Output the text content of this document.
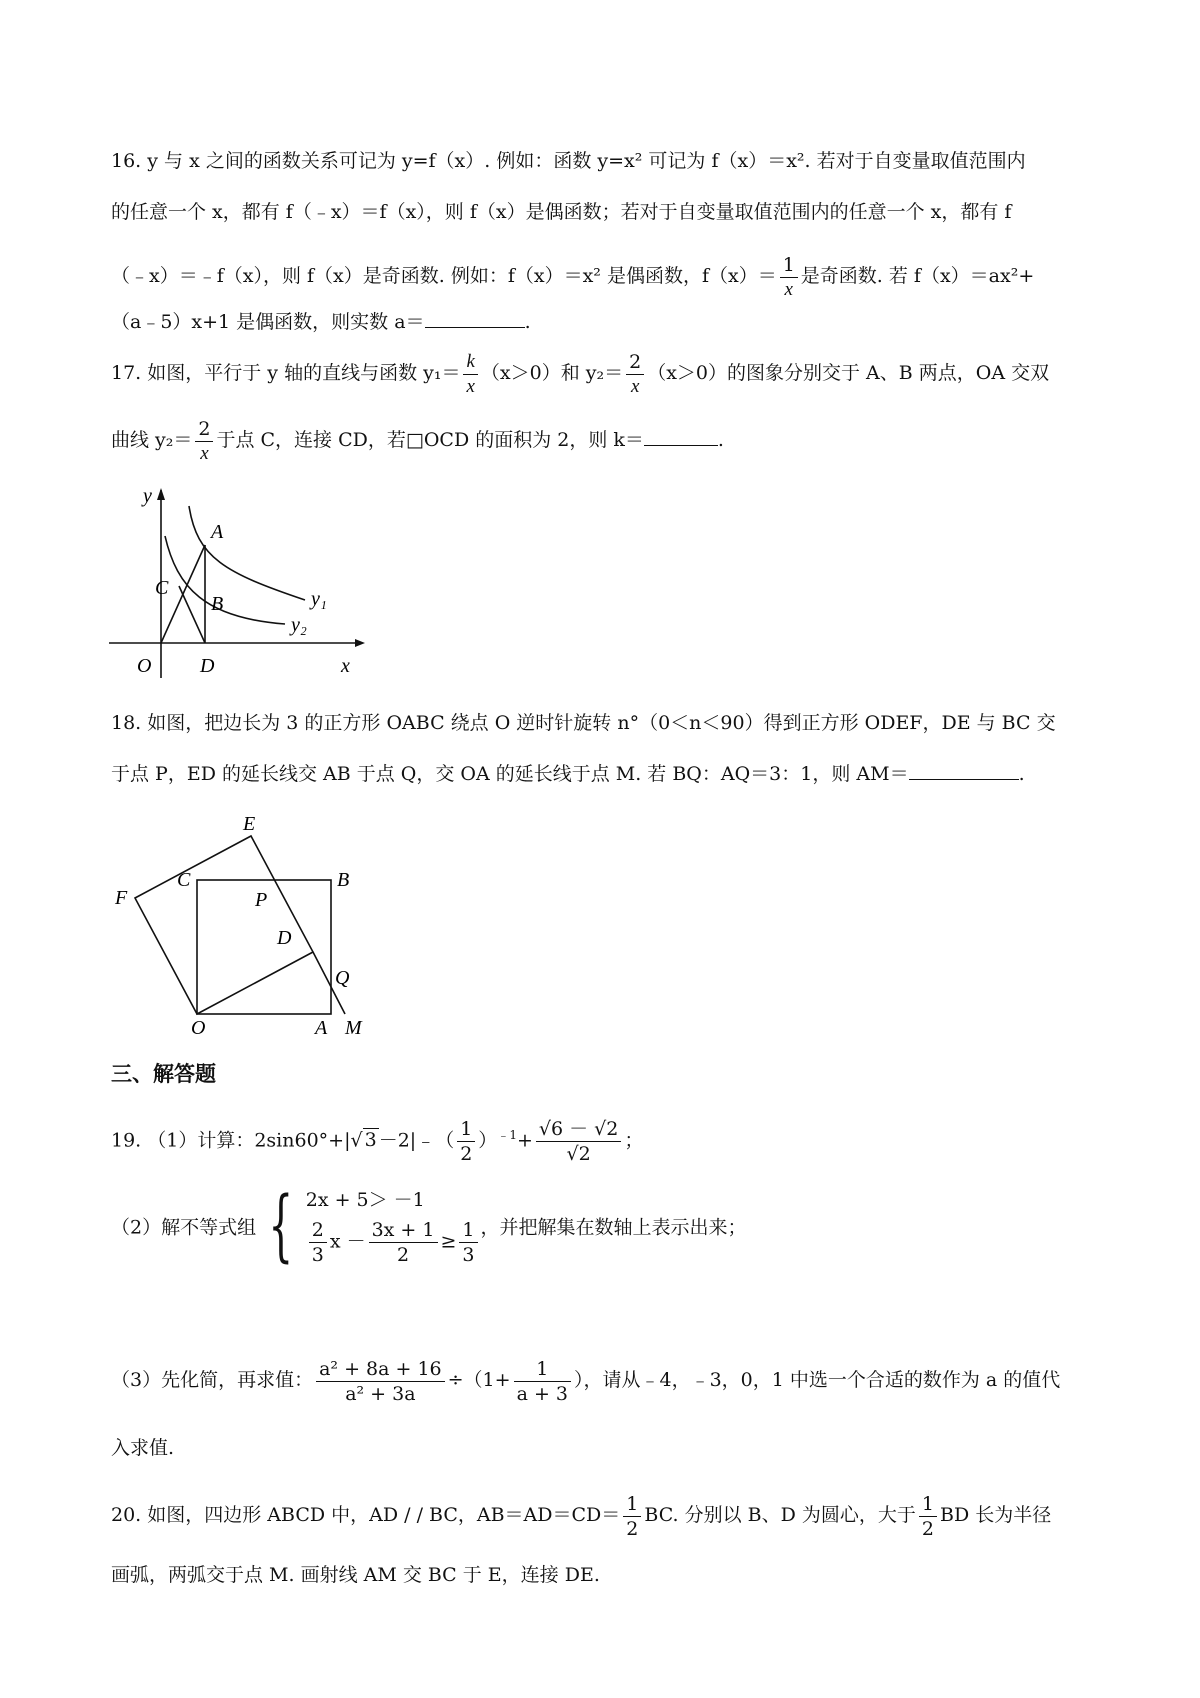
16. y 与 x 之间的函数关系可记为 y=f（x）. 例如：函数 y=x² 可记为 f（x）＝x². 若对于自变量取值范围内
的任意一个 x，都有 f（﹣x）＝f（x），则 f（x）是偶函数；若对于自变量取值范围内的任意一个 x，都有 f
（﹣x）＝﹣f（x），则 f（x）是奇函数. 例如：f（x）＝x² 是偶函数，$f(x)= \frac{1}{x}$ 是奇函数. 若 f（x）＝ax²+
（a﹣5）x+1 是偶函数，则实数 a＝	.
17. 如图，平行于 y 轴的直线与函数 $y_1= \frac{k}{x} (x>0)$和 $y_2= \frac{2}{x} (x>0)$的图象分别交于 A、B 两点，OA 交双
曲线 $y_2= \frac{2}{x}$ 于点 C，连接 CD，若□OCD 的面积为 2，则 k＝	.
y
A
C
B	y₁
y₂
O D	x
18. 如图，把边长为 3 的正方形 OABC 绕点 O 逆时针旋转 n°（0＜n＜90）得到正方形 ODEF，DE 与 BC 交
于点 P，ED 的延长线交 AB 于点 Q，交 OA 的延长线于点 M. 若 BQ：AQ＝3：1，则 AM＝	.
E
F
C	B
P
D
Q
O	A M
三、解答题
19. （1）计算：2sin60°+|√ 3 －2|﹣（ $\frac{1}{2} )^{﹣1}+ \frac{√6 - √2}{√2}$ ；
（2）解不等式组 { 2x + 5＞ －1
$\frac{2}{3}$ $x - \frac{3x + 1}{2} \ge \frac{1}{3}$ ，并把解集在数轴上表示出来；
（3）先化简，再求值： $\frac{\text{a² + 8a + 16}}{\text{a² + 3a}} \div(1+ \frac{1}{a + 3}$ ），请从﹣4，﹣3，0，1 中选一个合适的数作为 a 的值代
入求值.
20. 如图，四边形 ABCD 中，AD / / BC，$AB=AD=CD= \frac{1}{2}$ BC. 分别以 B、D 为圆心，大于 $\frac{1}{2}$ BD 长为半径
画弧，两弧交于点 M. 画射线 AM 交 BC 于 E，连接 DE.
